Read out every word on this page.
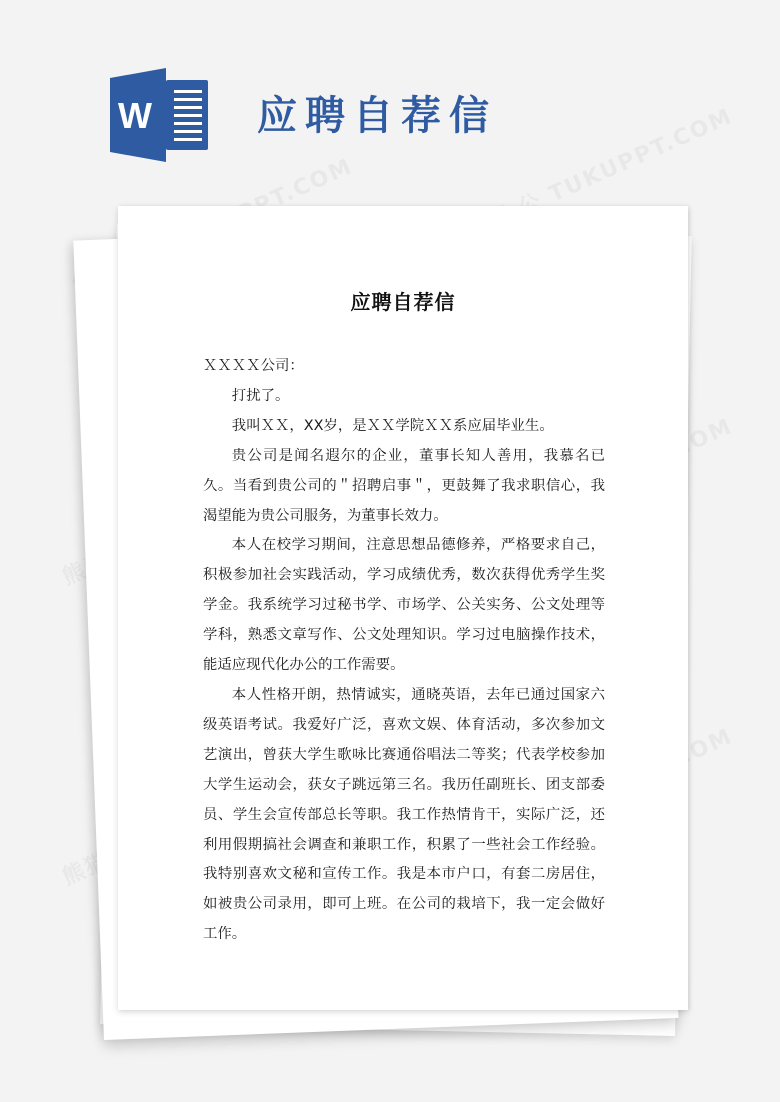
W	应聘自荐信
应聘自荐信

ＸＸＸＸ公司：

打扰了。

我叫ＸＸ，XX岁，是ＸＸ学院ＸＸ系应届毕业生。

贵公司是闻名遐尔的企业，董事长知人善用，我慕名已久。当看到贵公司的＂招聘启事＂，更鼓舞了我求职信心，我渴望能为贵公司服务，为董事长效力。

本人在校学习期间，注意思想品德修养，严格要求自己，积极参加社会实践活动，学习成绩优秀，数次获得优秀学生奖学金。我系统学习过秘书学、市场学、公关实务、公文处理等学科，熟悉文章写作、公文处理知识。学习过电脑操作技术，能适应现代化办公的工作需要。

本人性格开朗，热情诚实，通晓英语，去年已通过国家六级英语考试。我爱好广泛，喜欢文娱、体育活动，多次参加文艺演出，曾获大学生歌咏比赛通俗唱法二等奖；代表学校参加大学生运动会，获女子跳远第三名。我历任副班长、团支部委员、学生会宣传部总长等职。我工作热情肯干，实际广泛，还利用假期搞社会调查和兼职工作，积累了一些社会工作经验。我特别喜欢文秘和宣传工作。我是本市户口，有套二房居住，如被贵公司录用，即可上班。在公司的栽培下，我一定会做好工作。
